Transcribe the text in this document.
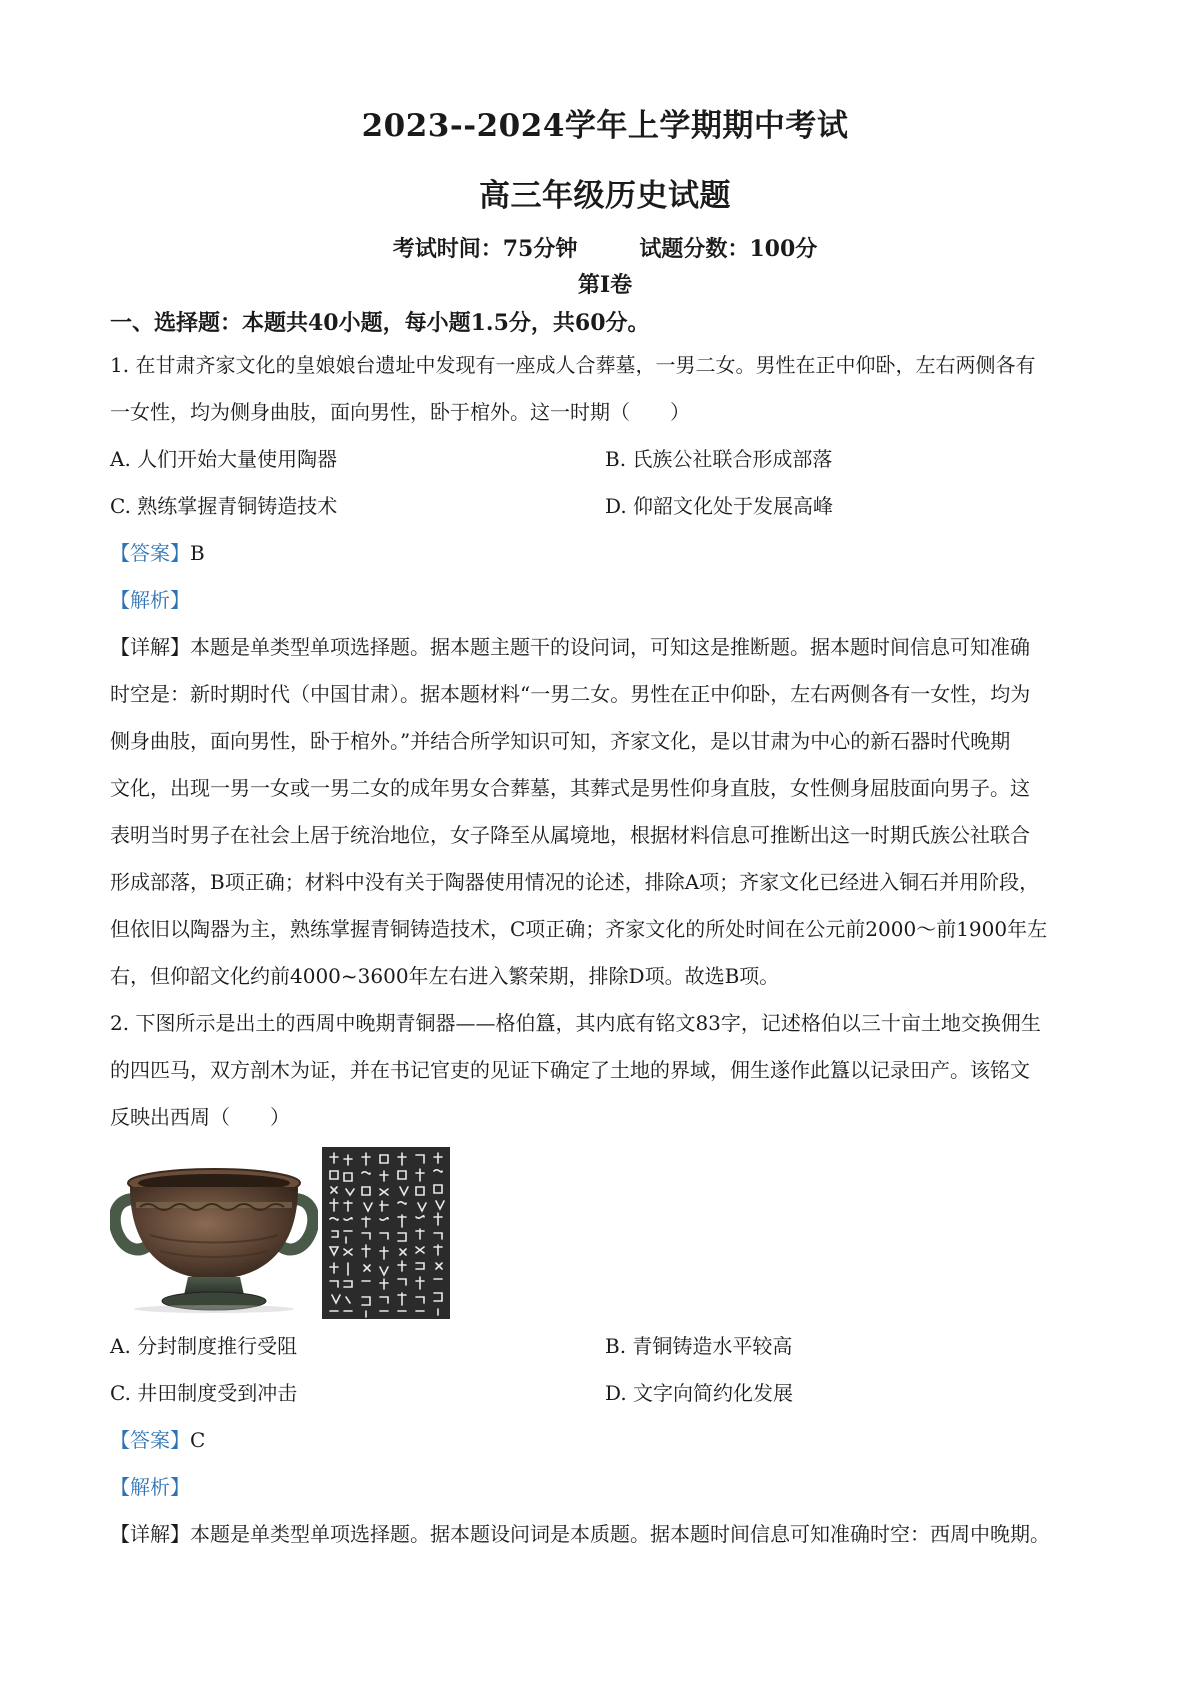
2023--2024学年上学期期中考试
高三年级历史试题
考试时间：75分钟	试题分数：100分
第Ⅰ卷
一、选择题：本题共40小题，每小题1.5分，共60分。

1. 在甘肃齐家文化的皇娘娘台遗址中发现有一座成人合葬墓，一男二女。男性在正中仰卧，左右两侧各有

一女性，均为侧身曲肢，面向男性，卧于棺外。这一时期（　　）

A. 人们开始大量使用陶器	B. 氏族公社联合形成部落
C. 熟练掌握青铜铸造技术	D. 仰韶文化处于发展高峰
【答案】B
【解析】

【详解】本题是单类型单项选择题。据本题主题干的设问词，可知这是推断题。据本题时间信息可知准确

时空是：新时期时代（中国甘肃）。据本题材料“一男二女。男性在正中仰卧，左右两侧各有一女性，均为

侧身曲肢，面向男性，卧于棺外。”并结合所学知识可知，齐家文化，是以甘肃为中心的新石器时代晚期

文化，出现一男一女或一男二女的成年男女合葬墓，其葬式是男性仰身直肢，女性侧身屈肢面向男子。这

表明当时男子在社会上居于统治地位，女子降至从属境地，根据材料信息可推断出这一时期氏族公社联合

形成部落，B项正确；材料中没有关于陶器使用情况的论述，排除A项；齐家文化已经进入铜石并用阶段，

但依旧以陶器为主，熟练掌握青铜铸造技术，C项正确；齐家文化的所处时间在公元前2000～前1900年左

右，但仰韶文化约前4000~3600年左右进入繁荣期，排除D项。故选B项。

2. 下图所示是出土的西周中晚期青铜器——格伯簋，其内底有铭文83字，记述格伯以三十亩土地交换佣生

的四匹马，双方剖木为证，并在书记官吏的见证下确定了土地的界域，佣生遂作此簋以记录田产。该铭文

反映出西周（　　）

A. 分封制度推行受阻	B. 青铜铸造水平较高
C. 井田制度受到冲击	D. 文字向简约化发展
【答案】C
【解析】

【详解】本题是单类型单项选择题。据本题设问词是本质题。据本题时间信息可知准确时空：西周中晚期。
